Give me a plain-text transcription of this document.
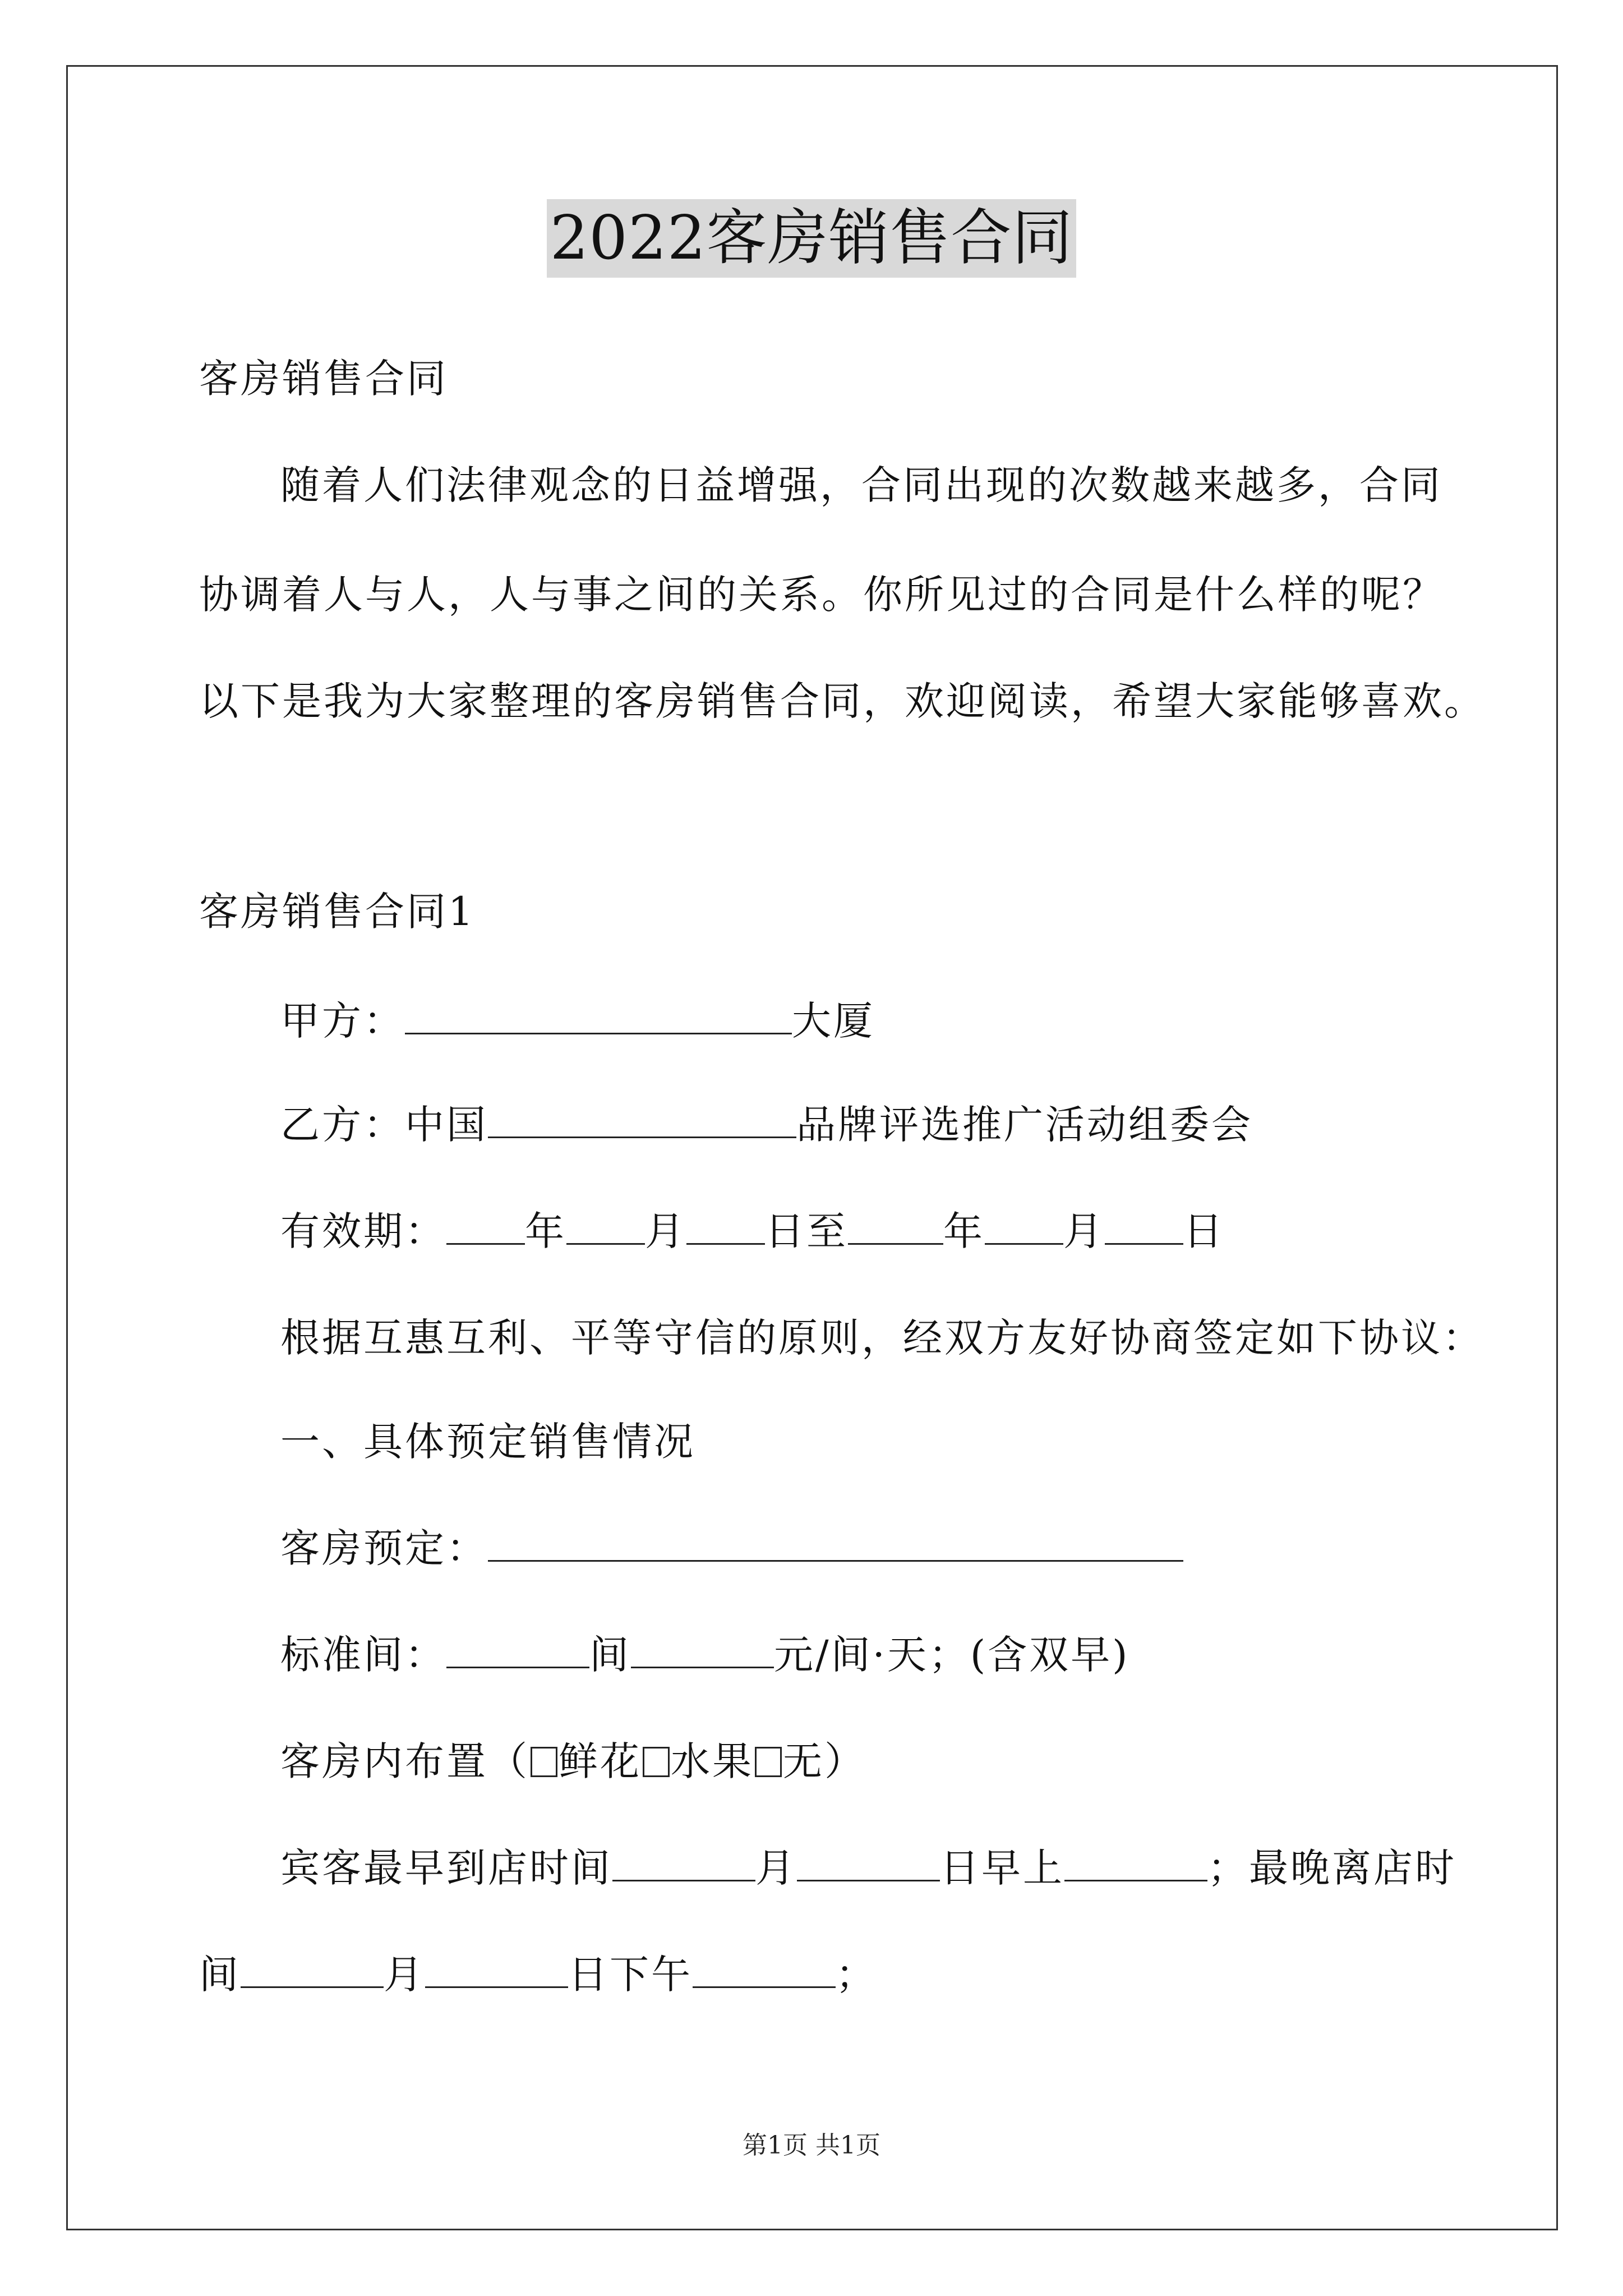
2022客房销售合同
客房销售合同
随着人们法律观念的日益增强，合同出现的次数越来越多，合同
协调着人与人，人与事之间的关系。你所见过的合同是什么样的呢？
以下是我为大家整理的客房销售合同，欢迎阅读，希望大家能够喜欢。
客房销售合同1
甲方：	大厦
乙方：中国	品牌评选推广活动组委会
有效期： 年 月 日至 年 月 日
根据互惠互利、平等守信的原则，经双方友好协商签定如下协议：
一、具体预定销售情况
客房预定：
标准间：	间	元/间·天；(含双早)
客房内布置（ 鲜花 水果 无）
宾客最早到店时间	月	日早上	；最晚离店时
间	月	日下午	；
第1页 共1页
